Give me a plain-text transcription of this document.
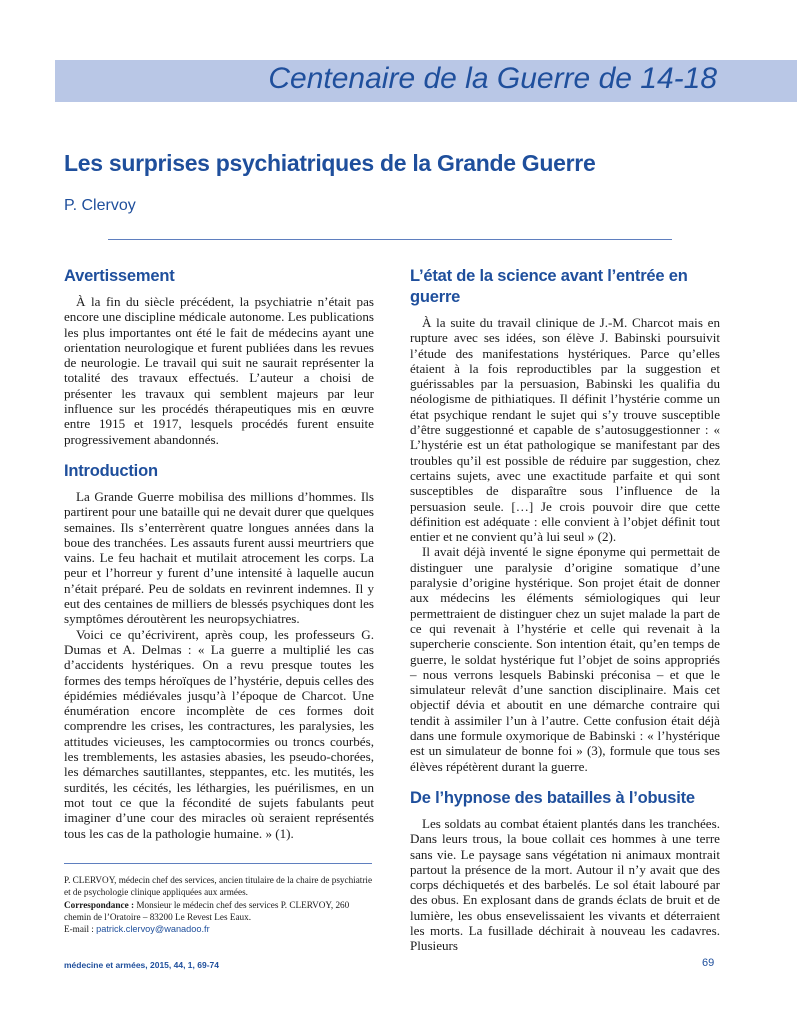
Centenaire de la Guerre de 14-18
Les surprises psychiatriques de la Grande Guerre
P. Clervoy
Avertissement

À la fin du siècle précédent, la psychiatrie n’était pas encore une discipline médicale autonome. Les publications les plus importantes ont été le fait de médecins ayant une orientation neurologique et furent publiées dans les revues de neurologie. Le travail qui suit ne saurait représenter la totalité des travaux effectués. L’auteur a choisi de présenter les travaux qui semblent majeurs par leur influence sur les procédés thérapeutiques mis en œuvre entre 1915 et 1917, lesquels procédés furent ensuite progressivement abandonnés.

Introduction

La Grande Guerre mobilisa des millions d’hommes. Ils partirent pour une bataille qui ne devait durer que quelques semaines. Ils s’enterrèrent quatre longues années dans la boue des tranchées. Les assauts furent aussi meurtriers que vains. Le feu hachait et mutilait atrocement les corps. La peur et l’horreur y furent d’une intensité à laquelle aucun n’était préparé. Peu de soldats en revinrent indemnes. Il y eut des centaines de milliers de blessés psychiques dont les symptômes déroutèrent les neuropsychiatres.

Voici ce qu’écrivirent, après coup, les professeurs G. Dumas et A. Delmas : « La guerre a multiplié les cas d’accidents hystériques. On a revu presque toutes les formes des temps héroïques de l’hystérie, depuis celles des épidémies médiévales jusqu’à l’époque de Charcot. Une énumération encore incomplète de ces formes doit comprendre les crises, les contractures, les paralysies, les attitudes vicieuses, les camptocormies ou troncs courbés, les tremblements, les astasies abasies, les pseudo-chorées, les démarches sautillantes, steppantes, etc. les mutités, les surdités, les cécités, les léthargies, les puérilismes, en un mot tout ce que la fécondité de sujets fabulants peut imaginer d’une cour des miracles où seraient représentés tous les cas de la pathologie humaine. » (1).

L’état de la science avant l’entrée en guerre

À la suite du travail clinique de J.-M. Charcot mais en rupture avec ses idées, son élève J. Babinski poursuivit l’étude des manifestations hystériques. Parce qu’elles étaient à la fois reproductibles par la suggestion et guérissables par la persuasion, Babinski les qualifia du néologisme de pithiatiques. Il définit l’hystérie comme un état psychique rendant le sujet qui s’y trouve susceptible d’être suggestionné et capable de s’autosuggestionner : « L’hystérie est un état pathologique se manifestant par des troubles qu’il est possible de réduire par suggestion, chez certains sujets, avec une exactitude parfaite et qui sont susceptibles de disparaître sous l’influence de la persuasion seule. […] Je crois pouvoir dire que cette définition est adéquate : elle convient à l’objet définit tout entier et ne convient qu’à lui seul » (2).

Il avait déjà inventé le signe éponyme qui permettait de distinguer une paralysie d’origine somatique d’une paralysie d’origine hystérique. Son projet était de donner aux médecins les éléments sémiologiques qui leur permettraient de distinguer chez un sujet malade la part de ce qui revenait à l’hystérie et celle qui revenait à la supercherie consciente. Son intention était, qu’en temps de guerre, le soldat hystérique fut l’objet de soins appropriés – nous verrons lesquels Babinski préconisa – et que le simulateur relevât d’une sanction disciplinaire. Mais cet objectif dévia et aboutit en une démarche contraire qui tendit à assimiler l’un à l’autre. Cette confusion était déjà dans une formule oxymorique de Babinski : « l’hystérique est un simulateur de bonne foi » (3), formule que tous ses élèves répétèrent durant la guerre.

De l’hypnose des batailles à l’obusite

Les soldats au combat étaient plantés dans les tranchées. Dans leurs trous, la boue collait ces hommes à une terre sans vie. Le paysage sans végétation ni animaux montrait partout la présence de la mort. Autour il n’y avait que des corps déchiquetés et des barbelés. Le sol était labouré par des obus. En explosant dans de grands éclats de bruit et de lumière, les obus ensevelissaient les vivants et déterraient les morts. La fusillade déchirait à nouveau les cadavres. Plusieurs

P. CLERVOY, médecin chef des services, ancien titulaire de la chaire de psychiatrie et de psychologie clinique appliquées aux armées.
Correspondance : Monsieur le médecin chef des services P. CLERVOY, 260 chemin de l’Oratoire – 83200 Le Revest Les Eaux.
E-mail : patrick.clervoy@wanadoo.fr
médecine et armées, 2015, 44, 1, 69-74	69
